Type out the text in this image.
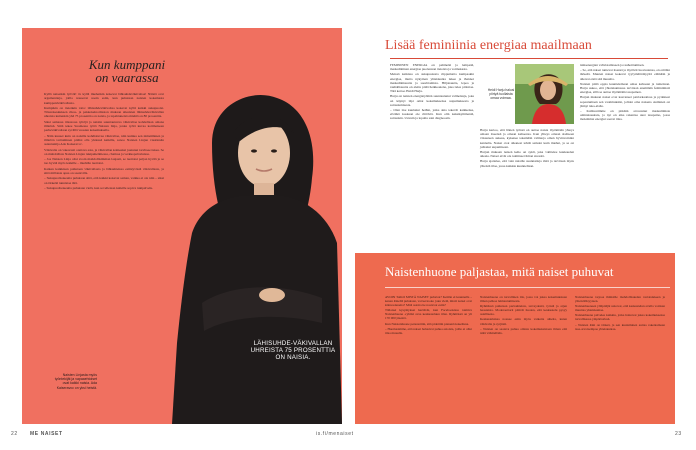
Kun kumppani
on vaarassa

Kyllä naisetkin lyövät! Ja kyllä miehetkin kokevat lähisuhdeväkivaltaa! Näistä ovat argumentteja, joilla nousevat usein esiin, kun puhutaan naisten kokemasta kumppaniväkivallasta.

Kumpikin on tietenkin totta: lähisuhdeväkivaltaa kokevat kyllä kaikki sukupuolet. Tilastokeskuksen rikos- ja pakkokeinotilaston mukaan aikuisten lähisuhdeväkivallan uhreista kuitenkin yhä 75 prosenttia on naisia, ja tapahtuneista miehiä on 80 prosenttia.

Siksi samassa tilastossa tyttöjä ja naisiin suuntautuvaa väkivaltaa kohdellaan omana ilmiönä. Siitä tekee Suomessa työtä Naisten linja, jonka työtä kuvaa kotimaiseen perheväkivaltaan syvällä vuosien kokemuksella.

– Näin kuuset kuin on naisille kohdistuvaa väkivaltaa, niin kuinka sen nimeäminen ja ilmiöön tarttuminen pitäisi olla yhdessä kaikille, sanoo Naisten Linjan viestinnän asiantuntija Ada Kaiseravcc.

Väkivalta on vakavasti otettava asia, ja väkivallan kohteeksi joutunut tarvitsee tukea. Se on mahdollista Naisten Linjan tukipuhelimessa, chatissa ja verkkopalveluissa.

– Jos Naisten Linja olisi avoin mahdollisimman laajasti, se tuottaisi paljon hyvää ja se tuo hyvää myös kaikille – miehille tuottaisi.

Kaiken kaikkiaan puhutaan väkivallasta ja lähisuhteissa esiintyvästä väkivallasta, ja siitä millaista apua on saatavilla.

– Sukupuolisokeutta puhutaan siitä, että kaikki kokevat saman, vaikka ei ole niin – siksi on tärkeää tunnistaa tätä.

– Sukupuolisokeutta puhutaan vielä, kun sovelletaan kaikille sopiva tukipalvelu.

LÄHISUHDE-VÄKIVALLAN UHREISTA 75 PROSENTTIA ON NAISIA.
Naisten Linjasta myös työntekijät ja vapaaehtoiset ovat kaikki naisia. Ada Kaiseravcc on yksi heistä.
Lisää feminiinia energiaa maailmaan

FEMININEN ENERGIA on pehmeää ja lempeää, maskuliininen energiaa puolestaan tietoista ja voimakasta.

Meissä kaikissa on sukupuolesta riippumatta kumpaakin energiaa, mutta nykyinen yhteiskunta tukee ja ihannoi maskuliinisuutta ja suorittamista. Hiljaisuutta, lepoa ja rauhallisuutta on alettu pitää heikkoutena, joka tulee piilottaa. Tätä kertoo Heidi Harju.

Harju on naisten energiatyöhön suuntautunut valmentaja, joka on käynyt läpi omat kokemuksensa uupumuksesta ja sairastumisesta.

– Olen itse kuulunut heihin, jotka aina tekevät kaikkensa, eivätkä koskaan ole riittäviä. Kun olin kaksikymmentä, sairastuin. Uuvuin ja lopulta sain diagnoosin.

Heidi Harju halusi piirtyä tuollaista omaa voimaa.

Harju kertoo, että hänen työnsä on auttaa naisia löytämään yhteys omaan itseensä ja omaan kehoonsa. Kun yhteys omaan sisäiseen viisauteen aukeaa, kykenee tekemään valintoja oman hyvinvoinnin kannalta. Naiset ovat alkaneet tehdä samoin kuin miehet, ja se on johtanut uupumiseen.

Harjun mukaan naisen keho on sykli, joka vaihtelee kuukauden aikana. Naiset eivät ole toimineet ilman stressiä.

Harju ajattelee, että vain naisille suunnattuja töitä ja tarvitaan myös yhteistä tilaa, jossa kaikkia kuunnellaan.

ninisenergian vahvistamiseen ja rauhoittumisen.

– Se, että naiset tuntevat itsensä ja löytävät luovuutensa, on erittäin tärkeää. Muuten naiset kokevat tyytymättömyyttä elämään ja alkavat etsiä sitä muualta.

Naisten pitää oppia kuuntelemaan omaa kehoaan ja tunteitaan. Harju uskoo, että yhteiskunnassa tarvitaan enemmän feminiinistä energiaa, sillä se auttaa löytämään tasapainon.

Harjun mukaan naiset ovat kasvaneet patriarkaatissa ja pyrkineet sopeutumaan sen vaatimuksiin, jolloin oma naisena oleminen on jäänyt taka-alalle.

– Kulttuurimme on pitkään arvostanut maskuliinisia ominaisuuksia, ja nyt on aika rakentaa uusi tasapaino, jossa molemmat energiat saavat tilaa.

Naistenhuone paljastaa, mitä naiset puhuvat

AVOIN TAKO MISTÄ NAISET puhuvat? Ketään ei kuunnella – kenen äänellä puhutaan, vai kertooko joku vielä, mistä naiset ovat kiinnostuneita? Mitä asioita he nostavat esiin?

Tällaiset kysymykset heräävät, kun Facebookissa toimiva Naistenhuone -ryhmä avaa keskusteluun tilan. Ryhmässä on yli 170 000 jäsentä.

Kun Naistenhuone perustettiin, sitä pidettiin pienenä kokeiluna.

– Huomasimme, että naiset halusivat puhua asioista, joille ei ollut tilaa muualla.

Naistenhuone on turvallinen tila, jossa voi jakaa kokemuksiaan ilman pelkoa leimautumisesta.

Ryhmässä puhutaan parisuhteista, terveydestä, työstä ja arjen haasteista. Moderaattorit pitävät huolen, että keskustelu pysyy asiallisena.

Keskusteluissa nousee esiin myös vaikeita aiheita, kuten väkivalta ja syrjintä.

– Naisten on saatava puhua omista kokemuksistaan ilman että niitä vähätellään.

Naistenhuone tarjoaa ihmisille mahdollisuuden vertaistukeen ja yhteisöllisyyteen.

Naistenhuoneen ylläpitäjät uskovat, että keskustelun avulla voidaan muuttaa yhteiskuntaa.

Naistenhuone palvelee kaikkia, jotka haluavat jakaa kokemuksensa turvallisessa ympäristössä.

– Naisten ääni on tärkeä, ja sen kuuleminen auttaa rakentamaan tasa-arvoisempaa yhteiskuntaa.

22 ME NAISET	is.fi/menaiset	23
